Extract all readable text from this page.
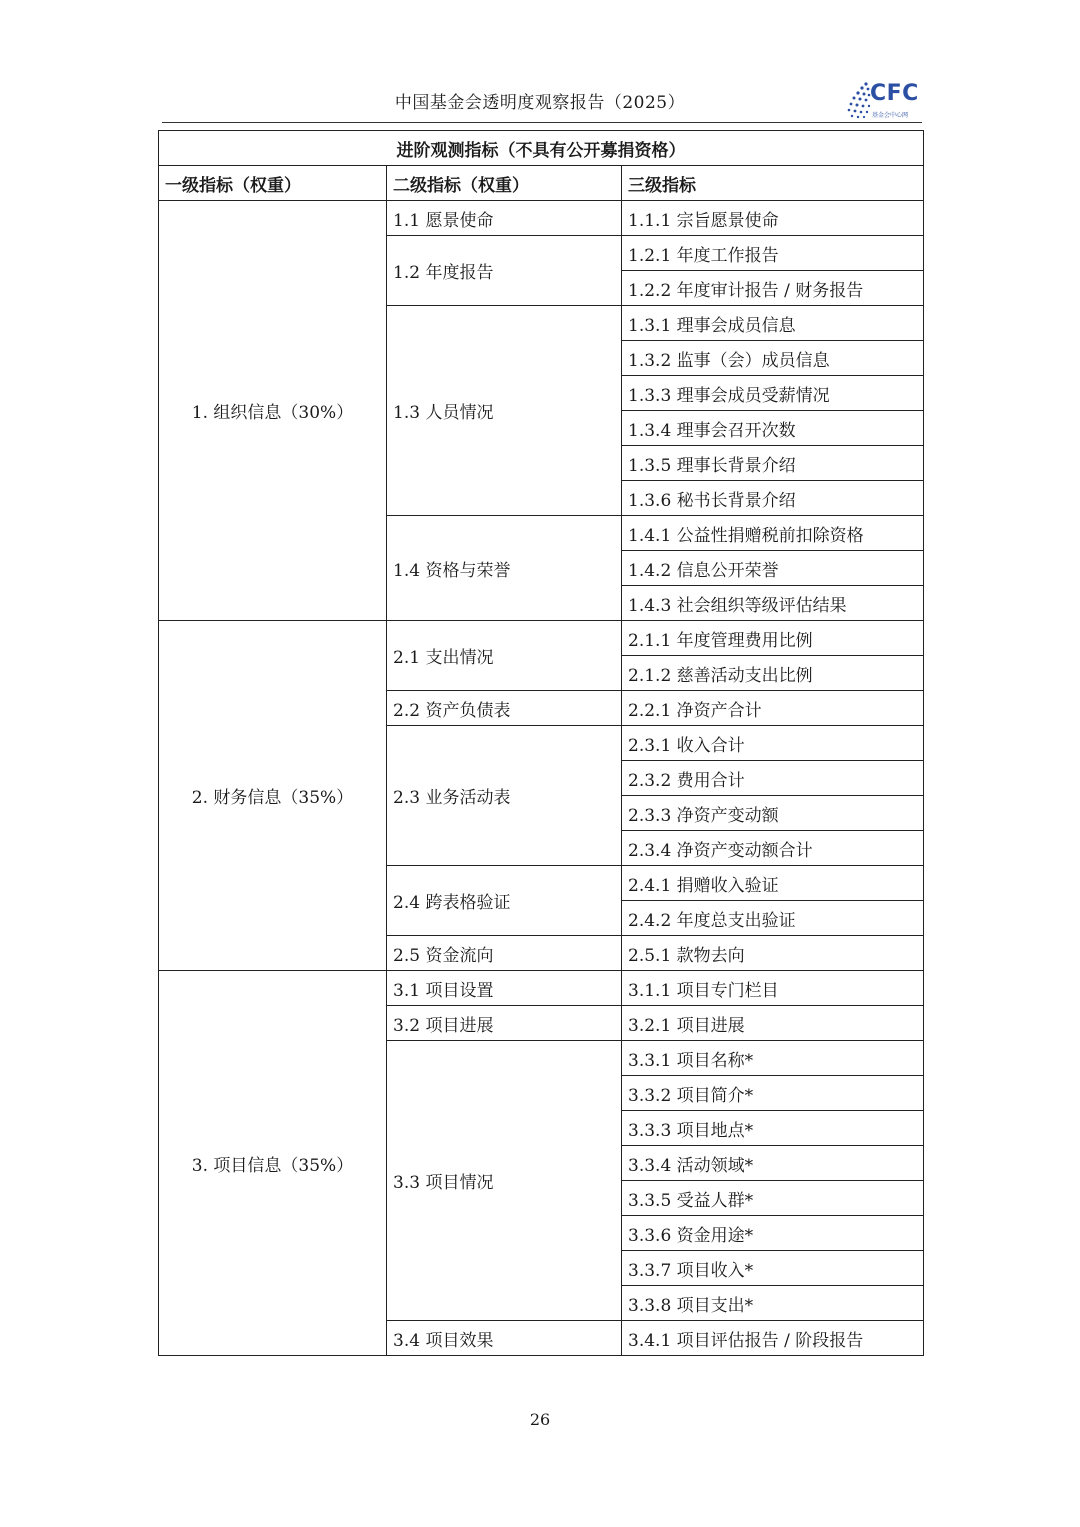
中国基金会透明度观察报告（2025）	CFC
基金会中心网
进阶观测指标（不具有公开募捐资格）		
一级指标（权重）	二级指标（权重）	三级指标
1. 组织信息（30%）	1.1 愿景使命	1.1.1 宗旨愿景使命
	1.2 年度报告	1.2.1 年度工作报告
		1.2.2 年度审计报告 / 财务报告
	1.3 人员情况	1.3.1 理事会成员信息
		1.3.2 监事（会）成员信息
		1.3.3 理事会成员受薪情况
		1.3.4 理事会召开次数
		1.3.5 理事长背景介绍
		1.3.6 秘书长背景介绍
	1.4 资格与荣誉	1.4.1 公益性捐赠税前扣除资格
		1.4.2 信息公开荣誉
		1.4.3 社会组织等级评估结果
2. 财务信息（35%）	2.1 支出情况	2.1.1 年度管理费用比例
		2.1.2 慈善活动支出比例
	2.2 资产负债表	2.2.1 净资产合计
	2.3 业务活动表	2.3.1 收入合计
		2.3.2 费用合计
		2.3.3 净资产变动额
		2.3.4 净资产变动额合计
	2.4 跨表格验证	2.4.1 捐赠收入验证
		2.4.2 年度总支出验证
	2.5 资金流向	2.5.1 款物去向
3. 项目信息（35%）	3.1 项目设置	3.1.1 项目专门栏目
	3.2 项目进展	3.2.1 项目进展
	3.3 项目情况	3.3.1 项目名称*
		3.3.2 项目简介*
		3.3.3 项目地点*
		3.3.4 活动领域*
		3.3.5 受益人群*
		3.3.6 资金用途*
		3.3.7 项目收入*
		3.3.8 项目支出*
	3.4 项目效果	3.4.1 项目评估报告 / 阶段报告
26
